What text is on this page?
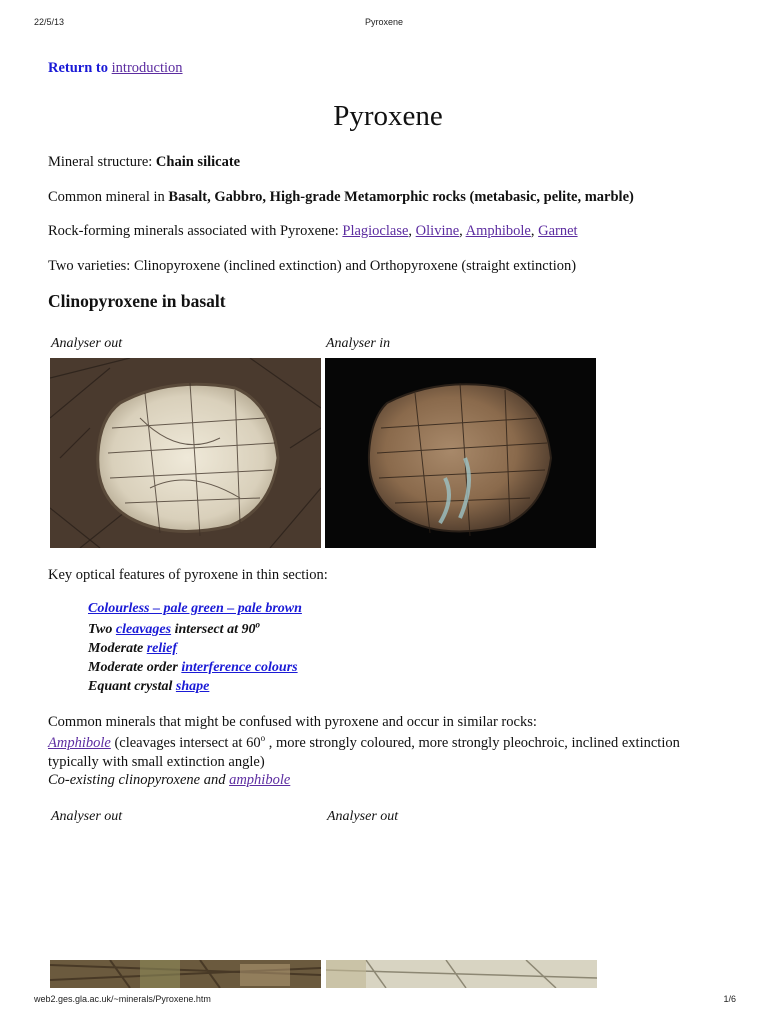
22/5/13	Pyroxene
Return to introduction
Pyroxene
Mineral structure: Chain silicate
Common mineral in Basalt, Gabbro, High-grade Metamorphic rocks (metabasic, pelite, marble)
Rock-forming minerals associated with Pyroxene: Plagioclase, Olivine, Amphibole, Garnet
Two varieties: Clinopyroxene (inclined extinction) and Orthopyroxene (straight extinction)
Clinopyroxene in basalt
Analyser out	Analyser in
Key optical features of pyroxene in thin section:
Colourless – pale green – pale brown
Two cleavages intersect at 90$^o$
Moderate relief
Moderate order interference colours
Equant crystal shape
Common minerals that might be confused with pyroxene and occur in similar rocks:
Amphibole (cleavages intersect at 60$^o$ , more strongly coloured, more strongly pleochroic, inclined extinction
typically with small extinction angle)
Co-existing clinopyroxene and amphibole
Analyser out	Analyser out
web2.ges.gla.ac.uk/~minerals/Pyroxene.htm	1/6
